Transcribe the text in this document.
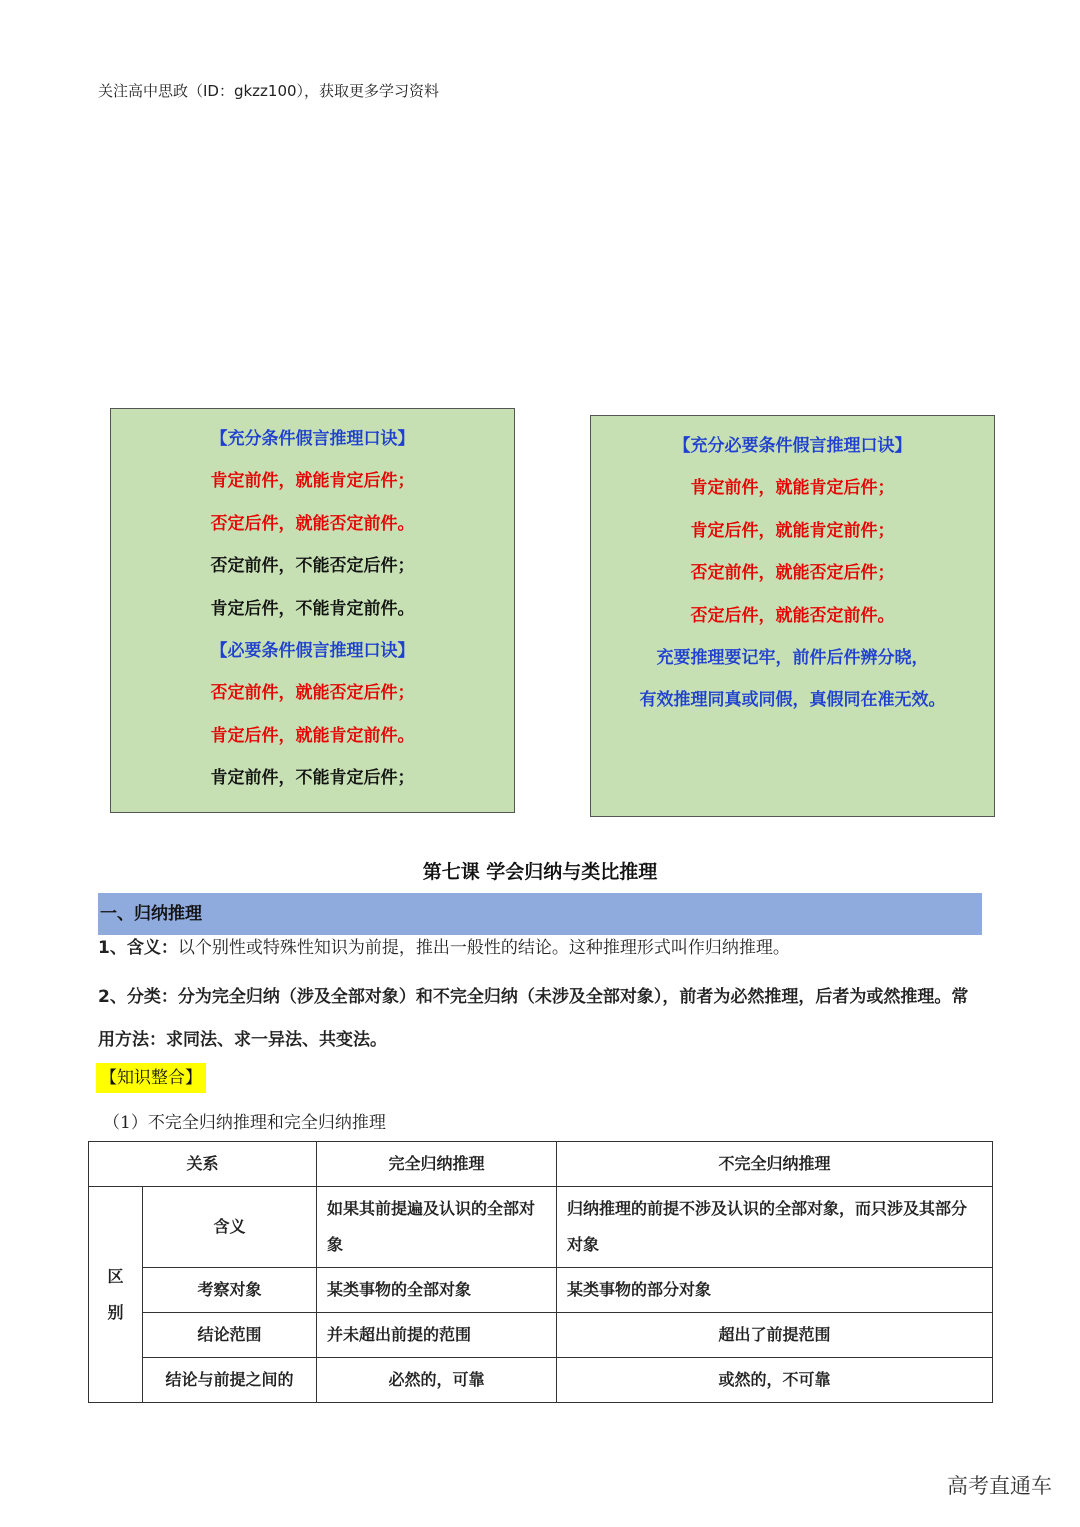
关注高中思政（ID：gkzz100），获取更多学习资料
【充分条件假言推理口诀】
肯定前件，就能肯定后件；
否定后件，就能否定前件。
否定前件，不能否定后件；
肯定后件，不能肯定前件。
【必要条件假言推理口诀】
否定前件，就能否定后件；
肯定后件，就能肯定前件。
肯定前件，不能肯定后件；
【充分必要条件假言推理口诀】
肯定前件，就能肯定后件；
肯定后件，就能肯定前件；
否定前件，就能否定后件；
否定后件，就能否定前件。
充要推理要记牢，前件后件辨分晓，
有效推理同真或同假，真假同在准无效。
第七课 学会归纳与类比推理
一、归纳推理
1、含义：以个别性或特殊性知识为前提，推出一般性的结论。这种推理形式叫作归纳推理。
2、分类：分为完全归纳（涉及全部对象）和不完全归纳（未涉及全部对象），前者为必然推理，后者为或然推理。常用方法：求同法、求一异法、共变法。
【知识整合】
（1）不完全归纳推理和完全归纳推理
关系		完全归纳推理	不完全归纳推理
区别	含义	如果其前提遍及认识的全部对象	归纳推理的前提不涉及认识的全部对象，而只涉及其部分对象
	考察对象	某类事物的全部对象	某类事物的部分对象
	结论范围	并未超出前提的范围	超出了前提范围
	结论与前提之间的	必然的，可靠	或然的，不可靠
高考直通车
